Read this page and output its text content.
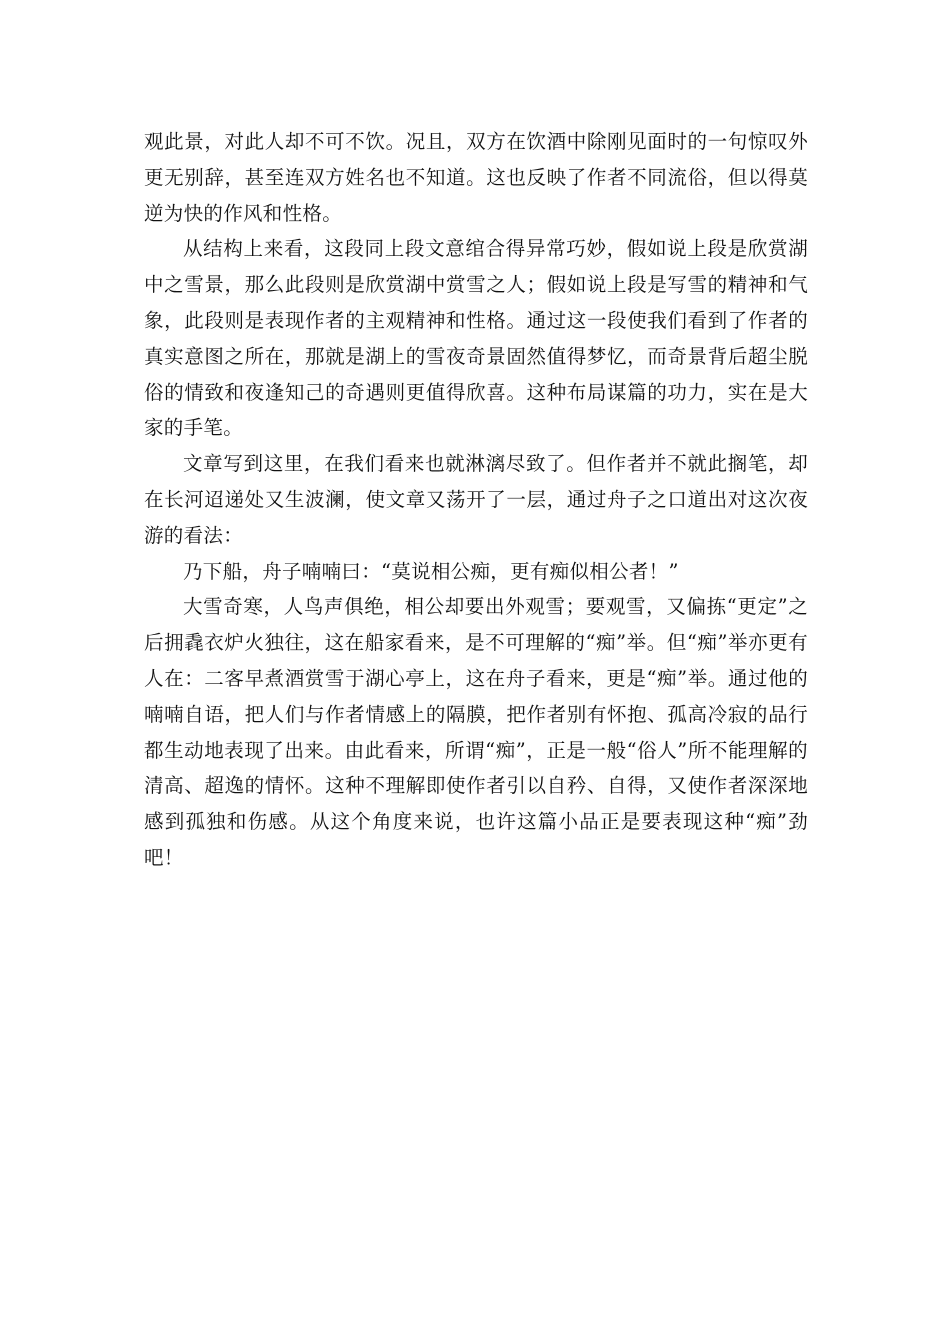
观此景，对此人却不可不饮。况且，双方在饮酒中除刚见面时的一句惊叹外更无别辞，甚至连双方姓名也不知道。这也反映了作者不同流俗，但以得莫逆为快的作风和性格。

从结构上来看，这段同上段文意绾合得异常巧妙，假如说上段是欣赏湖中之雪景，那么此段则是欣赏湖中赏雪之人；假如说上段是写雪的精神和气象，此段则是表现作者的主观精神和性格。通过这一段使我们看到了作者的真实意图之所在，那就是湖上的雪夜奇景固然值得梦忆，而奇景背后超尘脱俗的情致和夜逢知己的奇遇则更值得欣喜。这种布局谋篇的功力，实在是大家的手笔。

文章写到这里，在我们看来也就淋漓尽致了。但作者并不就此搁笔，却在长河迢递处又生波澜，使文章又荡开了一层，通过舟子之口道出对这次夜游的看法：

乃下船，舟子喃喃曰：“莫说相公痴，更有痴似相公者！”

大雪奇寒，人鸟声俱绝，相公却要出外观雪；要观雪，又偏拣“更定”之后拥毳衣炉火独往，这在船家看来，是不可理解的“痴”举。但“痴”举亦更有人在：二客早煮酒赏雪于湖心亭上，这在舟子看来，更是“痴”举。通过他的喃喃自语，把人们与作者情感上的隔膜，把作者别有怀抱、孤高冷寂的品行都生动地表现了出来。由此看来，所谓“痴”，正是一般“俗人”所不能理解的清高、超逸的情怀。这种不理解即使作者引以自矜、自得，又使作者深深地感到孤独和伤感。从这个角度来说，也许这篇小品正是要表现这种“痴”劲吧！
